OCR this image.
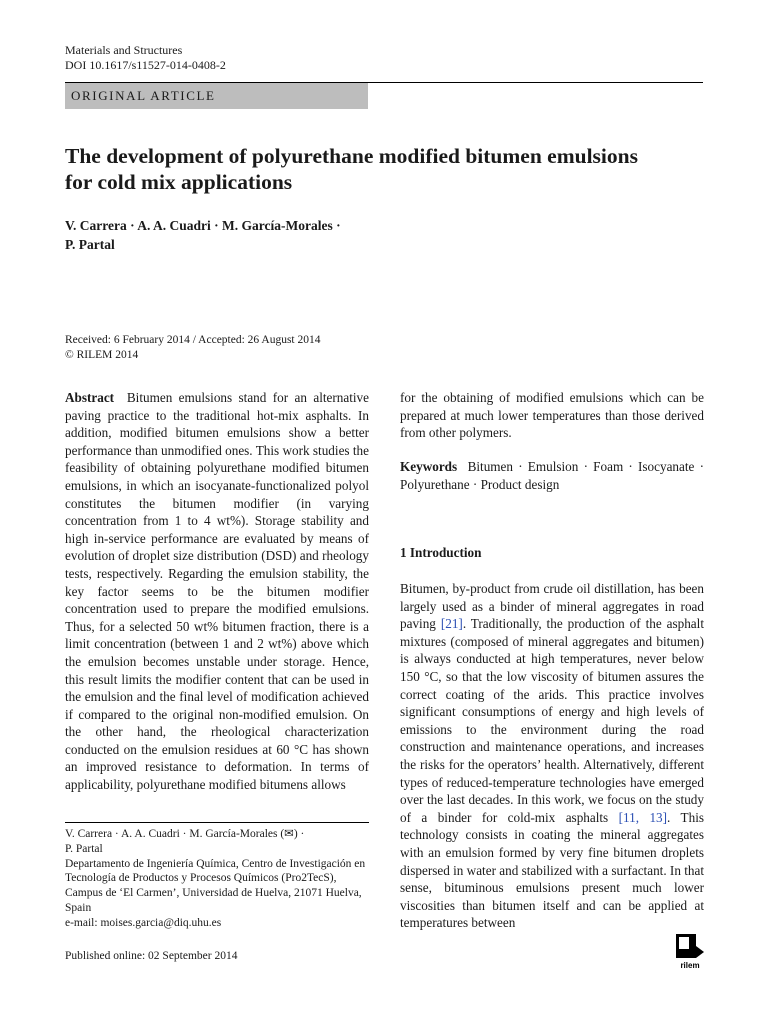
Materials and Structures
DOI 10.1617/s11527-014-0408-2
ORIGINAL ARTICLE
The development of polyurethane modified bitumen emulsions for cold mix applications
V. Carrera · A. A. Cuadri · M. García-Morales ·
P. Partal
Received: 6 February 2014 / Accepted: 26 August 2014
© RILEM 2014
Abstract Bitumen emulsions stand for an alternative paving practice to the traditional hot-mix asphalts. In addition, modified bitumen emulsions show a better performance than unmodified ones. This work studies the feasibility of obtaining polyurethane modified bitumen emulsions, in which an isocyanate-functionalized polyol constitutes the bitumen modifier (in varying concentration from 1 to 4 wt%). Storage stability and high in-service performance are evaluated by means of evolution of droplet size distribution (DSD) and rheology tests, respectively. Regarding the emulsion stability, the key factor seems to be the bitumen modifier concentration used to prepare the modified emulsions. Thus, for a selected 50 wt% bitumen fraction, there is a limit concentration (between 1 and 2 wt%) above which the emulsion becomes unstable under storage. Hence, this result limits the modifier content that can be used in the emulsion and the final level of modification achieved if compared to the original non-modified emulsion. On the other hand, the rheological characterization conducted on the emulsion residues at 60 °C has shown an improved resistance to deformation. In terms of applicability, polyurethane modified bitumens allows
for the obtaining of modified emulsions which can be prepared at much lower temperatures than those derived from other polymers.
Keywords Bitumen · Emulsion · Foam · Isocyanate · Polyurethane · Product design
1 Introduction
Bitumen, by-product from crude oil distillation, has been largely used as a binder of mineral aggregates in road paving [21]. Traditionally, the production of the asphalt mixtures (composed of mineral aggregates and bitumen) is always conducted at high temperatures, never below 150 °C, so that the low viscosity of bitumen assures the correct coating of the arids. This practice involves significant consumptions of energy and high levels of emissions to the environment during the road construction and maintenance operations, and increases the risks for the operators’ health. Alternatively, different types of reduced-temperature technologies have emerged over the last decades. In this work, we focus on the study of a binder for cold-mix asphalts [11, 13]. This technology consists in coating the mineral aggregates with an emulsion formed by very fine bitumen droplets dispersed in water and stabilized with a surfactant. In that sense, bituminous emulsions present much lower viscosities than bitumen itself and can be applied at temperatures between
V. Carrera · A. A. Cuadri · M. García-Morales (✉) ·
P. Partal
Departamento de Ingeniería Química, Centro de Investigación en Tecnología de Productos y Procesos Químicos (Pro2TecS), Campus de ‘El Carmen’, Universidad de Huelva, 21071 Huelva, Spain
e-mail: moises.garcia@diq.uhu.es
Published online: 02 September 2014
rilem
